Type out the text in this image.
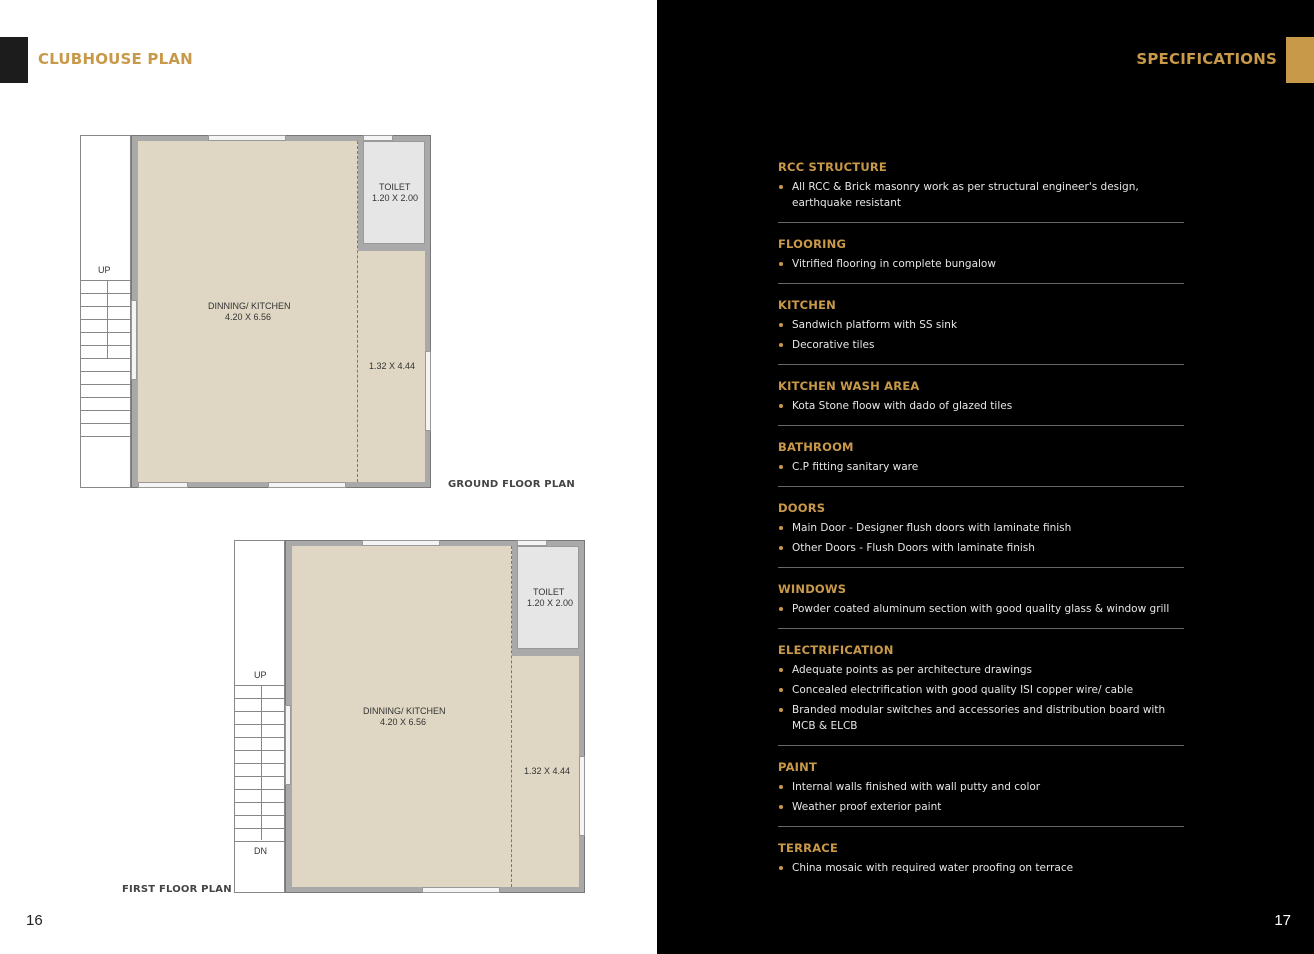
CLUBHOUSE PLAN
UP
DINNING/ KITCHEN
4.20 X 6.56
TOILET
1.20 X 2.00
1.32 X 4.44
GROUND FLOOR PLAN
UP
DN
DINNING/ KITCHEN
4.20 X 6.56
TOILET
1.20 X 2.00
1.32 X 4.44
FIRST FLOOR PLAN
16
SPECIFICATIONS
17
RCC STRUCTURE
All RCC & Brick masonry work as per structural engineer's design, earthquake resistant
FLOORING
Vitrified flooring in complete bungalow
KITCHEN
Sandwich platform with SS sink
Decorative tiles
KITCHEN WASH AREA
Kota Stone floow with dado of glazed tiles
BATHROOM
C.P fitting sanitary ware
DOORS
Main Door - Designer flush doors with laminate finish
Other Doors - Flush Doors with laminate finish
WINDOWS
Powder coated aluminum section with good quality glass & window grill
ELECTRIFICATION
Adequate points as per architecture drawings
Concealed electrification with good quality ISI copper wire/ cable
Branded modular switches and accessories and distribution board with MCB & ELCB
PAINT
Internal walls finished with wall putty and color
Weather proof exterior paint
TERRACE
China mosaic with required water proofing on terrace
